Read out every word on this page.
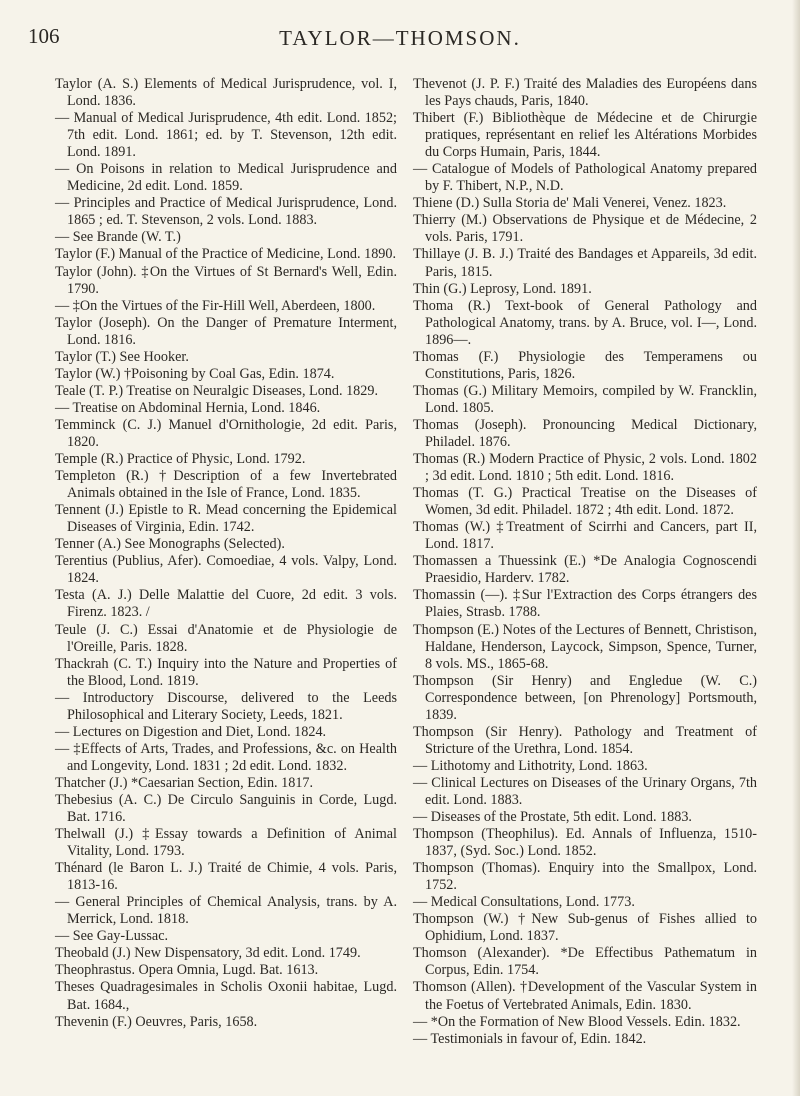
106	TAYLOR—THOMSON.

Taylor (A. S.) Elements of Medical Jurisprudence, vol. I, Lond. 1836.

— Manual of Medical Jurisprudence, 4th edit. Lond. 1852; 7th edit. Lond. 1861; ed. by T. Stevenson, 12th edit. Lond. 1891.

— On Poisons in relation to Medical Jurisprudence and Medicine, 2d edit. Lond. 1859.

— Principles and Practice of Medical Jurisprudence, Lond. 1865 ; ed. T. Stevenson, 2 vols. Lond. 1883.

— See Brande (W. T.)

Taylor (F.) Manual of the Practice of Medicine, Lond. 1890.

Taylor (John). ‡On the Virtues of St Bernard's Well, Edin. 1790.

— ‡On the Virtues of the Fir-Hill Well, Aberdeen, 1800.

Taylor (Joseph). On the Danger of Premature Interment, Lond. 1816.

Taylor (T.) See Hooker.

Taylor (W.) †Poisoning by Coal Gas, Edin. 1874.

Teale (T. P.) Treatise on Neuralgic Diseases, Lond. 1829.

— Treatise on Abdominal Hernia, Lond. 1846.

Temminck (C. J.) Manuel d'Ornithologie, 2d edit. Paris, 1820.

Temple (R.) Practice of Physic, Lond. 1792.

Templeton (R.) †Description of a few Invertebrated Animals obtained in the Isle of France, Lond. 1835.

Tennent (J.) Epistle to R. Mead concerning the Epidemical Diseases of Virginia, Edin. 1742.

Tenner (A.) See Monographs (Selected).

Terentius (Publius, Afer). Comoediae, 4 vols. Valpy, Lond. 1824.

Testa (A. J.) Delle Malattie del Cuore, 2d edit. 3 vols. Firenz. 1823. /

Teule (J. C.) Essai d'Anatomie et de Physiologie de l'Oreille, Paris. 1828.

Thackrah (C. T.) Inquiry into the Nature and Properties of the Blood, Lond. 1819.

— Introductory Discourse, delivered to the Leeds Philosophical and Literary Society, Leeds, 1821.

— Lectures on Digestion and Diet, Lond. 1824.

— ‡Effects of Arts, Trades, and Professions, &c. on Health and Longevity, Lond. 1831 ; 2d edit. Lond. 1832.

Thatcher (J.) *Caesarian Section, Edin. 1817.

Thebesius (A. C.) De Circulo Sanguinis in Corde, Lugd. Bat. 1716.

Thelwall (J.) ‡Essay towards a Definition of Animal Vitality, Lond. 1793.

Thénard (le Baron L. J.) Traité de Chimie, 4 vols. Paris, 1813-16.

— General Principles of Chemical Analysis, trans. by A. Merrick, Lond. 1818.

— See Gay-Lussac.

Theobald (J.) New Dispensatory, 3d edit. Lond. 1749.

Theophrastus. Opera Omnia, Lugd. Bat. 1613.

Theses Quadragesimales in Scholis Oxonii habitae, Lugd. Bat. 1684.,

Thevenin (F.) Oeuvres, Paris, 1658.

Thevenot (J. P. F.) Traité des Maladies des Européens dans les Pays chauds, Paris, 1840.

Thibert (F.) Bibliothèque de Médecine et de Chirurgie pratiques, représentant en relief les Altérations Morbides du Corps Humain, Paris, 1844.

— Catalogue of Models of Pathological Anatomy prepared by F. Thibert, N.P., N.D.

Thiene (D.) Sulla Storia de' Mali Venerei, Venez. 1823.

Thierry (M.) Observations de Physique et de Médecine, 2 vols. Paris, 1791.

Thillaye (J. B. J.) Traité des Bandages et Appareils, 3d edit. Paris, 1815.

Thin (G.) Leprosy, Lond. 1891.

Thoma (R.) Text-book of General Pathology and Pathological Anatomy, trans. by A. Bruce, vol. I—, Lond. 1896—.

Thomas (F.) Physiologie des Temperamens ou Constitutions, Paris, 1826.

Thomas (G.) Military Memoirs, compiled by W. Francklin, Lond. 1805.

Thomas (Joseph). Pronouncing Medical Dictionary, Philadel. 1876.

Thomas (R.) Modern Practice of Physic, 2 vols. Lond. 1802 ; 3d edit. Lond. 1810 ; 5th edit. Lond. 1816.

Thomas (T. G.) Practical Treatise on the Diseases of Women, 3d edit. Philadel. 1872 ; 4th edit. Lond. 1872.

Thomas (W.) ‡Treatment of Scirrhi and Cancers, part II, Lond. 1817.

Thomassen a Thuessink (E.) *De Analogia Cognoscendi Praesidio, Harderv. 1782.

Thomassin (—). ‡Sur l'Extraction des Corps étrangers des Plaies, Strasb. 1788.

Thompson (E.) Notes of the Lectures of Bennett, Christison, Haldane, Henderson, Laycock, Simpson, Spence, Turner, 8 vols. MS., 1865-68.

Thompson (Sir Henry) and Engledue (W. C.) Correspondence between, [on Phrenology] Portsmouth, 1839.

Thompson (Sir Henry). Pathology and Treatment of Stricture of the Urethra, Lond. 1854.

— Lithotomy and Lithotrity, Lond. 1863.

— Clinical Lectures on Diseases of the Urinary Organs, 7th edit. Lond. 1883.

— Diseases of the Prostate, 5th edit. Lond. 1883.

Thompson (Theophilus). Ed. Annals of Influenza, 1510-1837, (Syd. Soc.) Lond. 1852.

Thompson (Thomas). Enquiry into the Smallpox, Lond. 1752.

— Medical Consultations, Lond. 1773.

Thompson (W.) †New Sub-genus of Fishes allied to Ophidium, Lond. 1837.

Thomson (Alexander). *De Effectibus Pathematum in Corpus, Edin. 1754.

Thomson (Allen). †Development of the Vascular System in the Foetus of Vertebrated Animals, Edin. 1830.

— *On the Formation of New Blood Vessels. Edin. 1832.

— Testimonials in favour of, Edin. 1842.
